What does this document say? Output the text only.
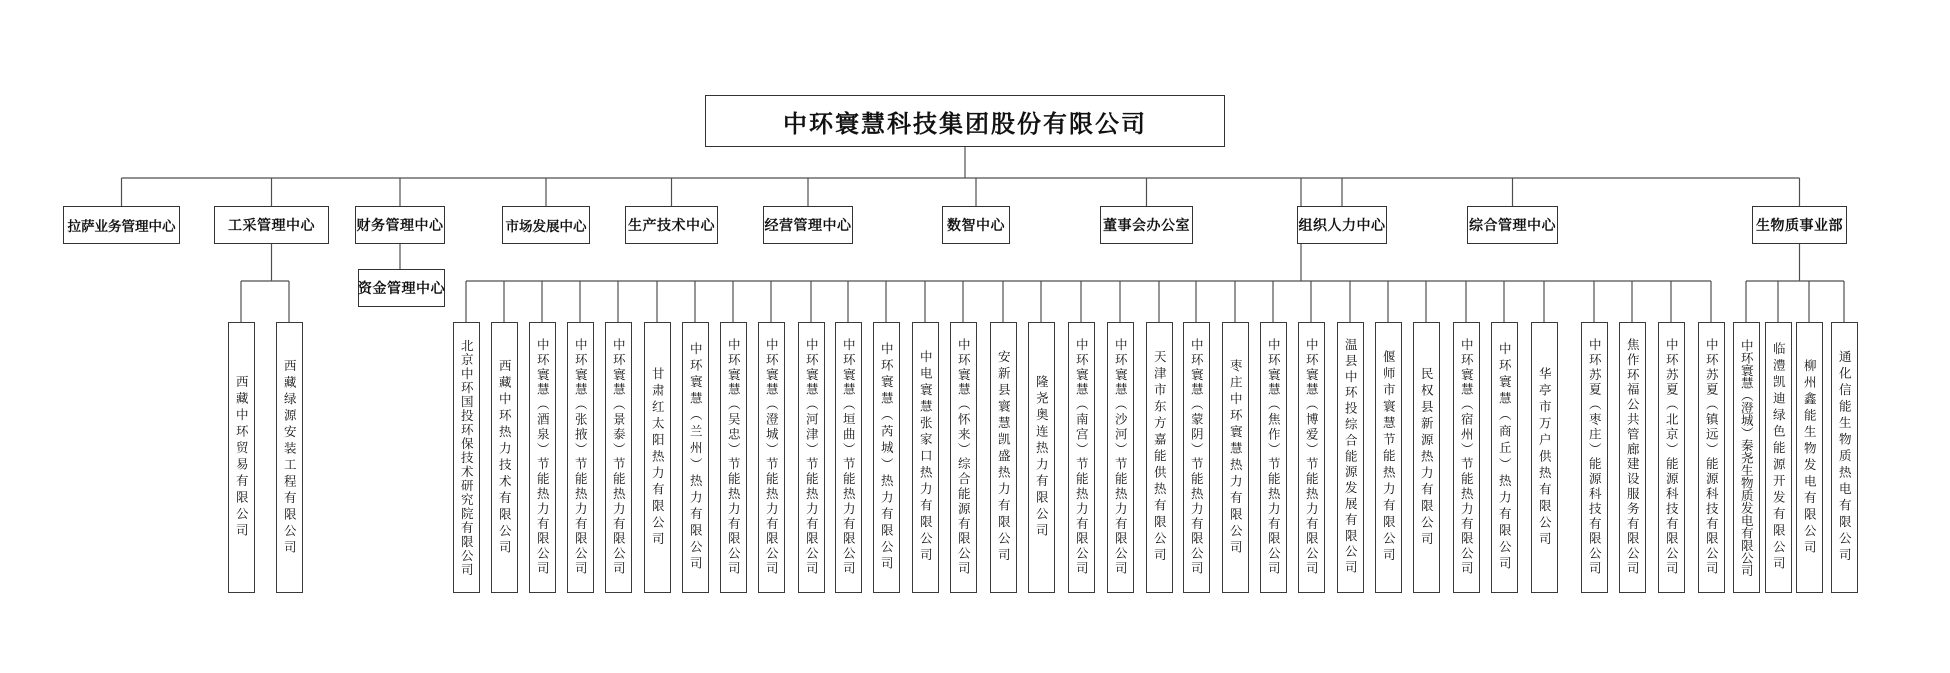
中环寰慧科技集团股份有限公司
拉萨业务管理中心	工采管理中心	财务管理中心	市场发展中心	生产技术中心	经营管理中心	数智中心	董事会办公室	组织人力中心	综合管理中心	生物质事业部
资金管理中心
西藏中环贸易有限公司	西藏绿源安装工程有限公司	北京中环国投环保技术研究院有限公司 西藏中环热力技术有限公司 中环寰慧（酒泉）节能热力有限公司 中环寰慧（张掖）节能热力有限公司 中环寰慧（景泰）节能热力有限公司 甘肃红太阳热力有限公司 中环寰慧（兰州）热力有限公司 中环寰慧（吴忠）节能热力有限公司 中环寰慧（澄城）节能热力有限公司 中环寰慧（河津）节能热力有限公司 中环寰慧（垣曲）节能热力有限公司 中环寰慧（芮城）热力有限公司 中电寰慧张家口热力有限公司 中环寰慧（怀来）综合能源有限公司 安新县寰慧凯盛热力有限公司 隆尧奥连热力有限公司 中环寰慧（南宫）节能热力有限公司 中环寰慧（沙河）节能热力有限公司 天津市东方嘉能供热有限公司 中环寰慧（蒙阴）节能热力有限公司 枣庄中环寰慧热力有限公司 中环寰慧（焦作）节能热力有限公司 中环寰慧（博爱）节能热力有限公司 温县中环投综合能源发展有限公司 偃师市寰慧节能热力有限公司 民权县新源热力有限公司 中环寰慧（宿州）节能热力有限公司 中环寰慧（商丘）热力有限公司 华亭市万户供热有限公司	中环苏夏（枣庄）能源科技有限公司 焦作环福公共管廊建设服务有限公司 中环苏夏（北京）能源科技有限公司 中环苏夏（镇远）能源科技有限公司 中环寰慧（澄城）秦尧生物质发电有限公司 临澧凯迪绿色能源开发有限公司 柳州鑫能生物发电有限公司 通化信能生物质热电有限公司
